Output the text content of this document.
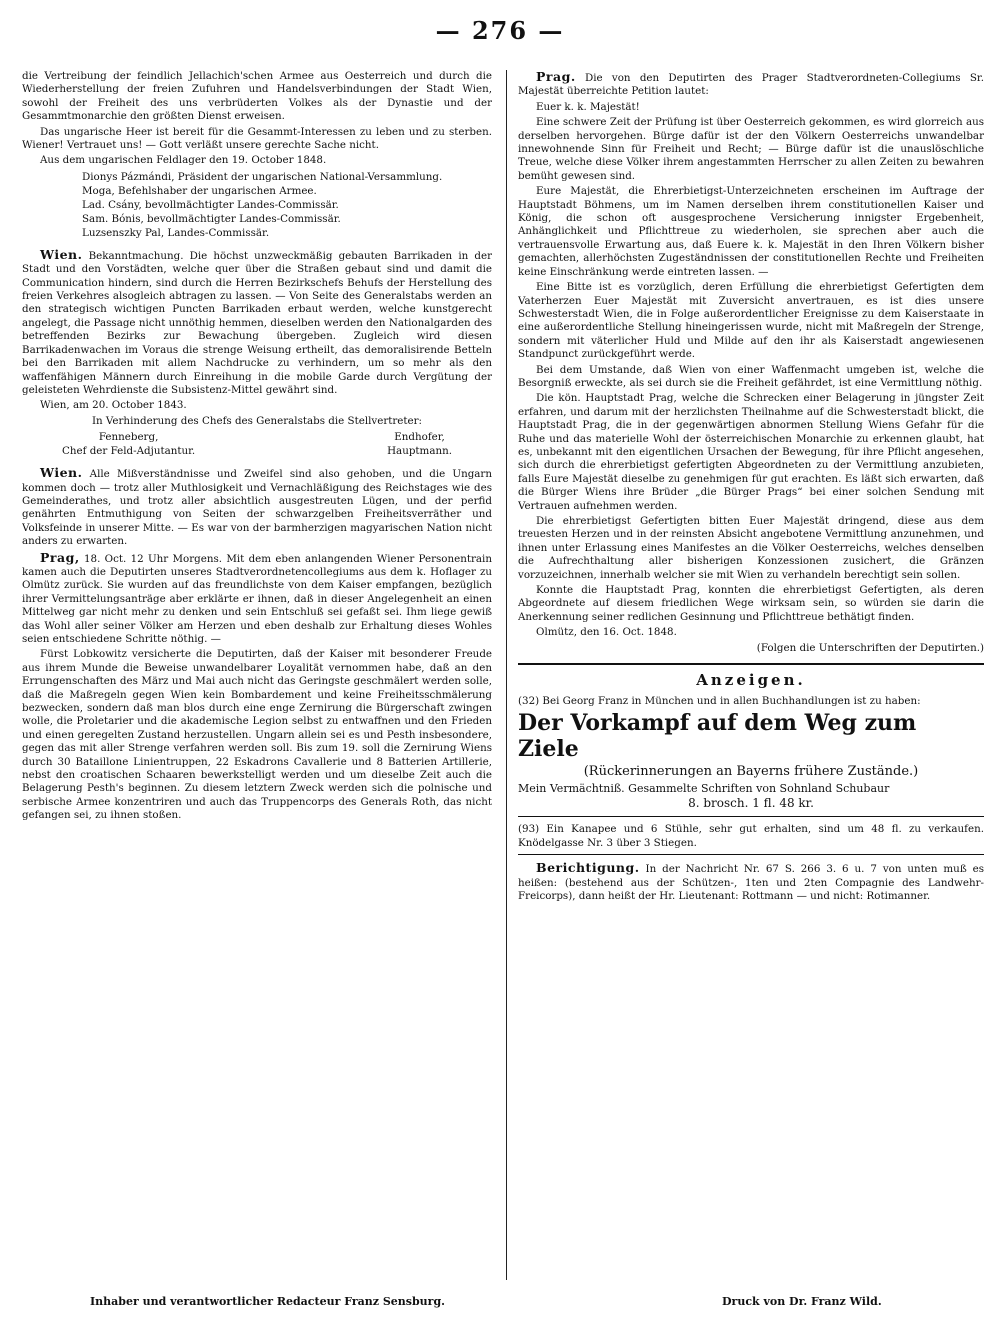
— 276 —

die Vertreibung der feindlich Jellachich'schen Armee aus Oesterreich und durch die Wiederherstellung der freien Zufuhren und Handelsverbindungen der Stadt Wien, sowohl der Freiheit des uns verbrüderten Volkes als der Dynastie und der Gesammtmonarchie den größten Dienst erweisen.

Das ungarische Heer ist bereit für die Gesammt-Interessen zu leben und zu sterben. Wiener! Vertrauet uns! — Gott verläßt unsere gerechte Sache nicht.

Aus dem ungarischen Feldlager den 19. October 1848.

Dionys Pázmándi, Präsident der ungarischen National-Versammlung.

Moga, Befehlshaber der ungarischen Armee.

Lad. Csány, bevollmächtigter Landes-Commissär.

Sam. Bónis, bevollmächtigter Landes-Commissär.

Luzsenszky Pal, Landes-Commissär.

Wien. Bekanntmachung. Die höchst unzweckmäßig gebauten Barrikaden in der Stadt und den Vorstädten, welche quer über die Straßen gebaut sind und damit die Communication hindern, sind durch die Herren Bezirkschefs Behufs der Herstellung des freien Verkehres alsogleich abtragen zu lassen. — Von Seite des Generalstabs werden an den strategisch wichtigen Puncten Barrikaden erbaut werden, welche kunstgerecht angelegt, die Passage nicht unnöthig hemmen, dieselben werden den Nationalgarden des betreffenden Bezirks zur Bewachung übergeben. Zugleich wird diesen Barrikadenwachen im Voraus die strenge Weisung ertheilt, das demoralisirende Betteln bei den Barrikaden mit allem Nachdrucke zu verhindern, um so mehr als den waffenfähigen Männern durch Einreihung in die mobile Garde durch Vergütung der geleisteten Wehrdienste die Subsistenz-Mittel gewährt sind.

Wien, am 20. October 1843.

In Verhinderung des Chefs des Generalstabs die Stellvertreter:

Fenneberg,
Chef der Feld-Adjutantur.
Endhofer,
Hauptmann.

Wien. Alle Mißverständnisse und Zweifel sind also gehoben, und die Ungarn kommen doch — trotz aller Muthlosigkeit und Vernachläßigung des Reichstages wie des Gemeinderathes, und trotz aller absichtlich ausgestreuten Lügen, und der perfid genährten Entmuthigung von Seiten der schwarzgelben Freiheitsverräther und Volksfeinde in unserer Mitte. — Es war von der barmherzigen magyarischen Nation nicht anders zu erwarten.

Prag, 18. Oct. 12 Uhr Morgens. Mit dem eben anlangenden Wiener Personentrain kamen auch die Deputirten unseres Stadtverordnetencollegiums aus dem k. Hoflager zu Olmütz zurück. Sie wurden auf das freundlichste von dem Kaiser empfangen, bezüglich ihrer Vermittelungsanträge aber erklärte er ihnen, daß in dieser Angelegenheit an einen Mittelweg gar nicht mehr zu denken und sein Entschluß sei gefaßt sei. Ihm liege gewiß das Wohl aller seiner Völker am Herzen und eben deshalb zur Erhaltung dieses Wohles seien entschiedene Schritte nöthig. —

Fürst Lobkowitz versicherte die Deputirten, daß der Kaiser mit besonderer Freude aus ihrem Munde die Beweise unwandelbarer Loyalität vernommen habe, daß an den Errungenschaften des März und Mai auch nicht das Geringste geschmälert werden solle, daß die Maßregeln gegen Wien kein Bombardement und keine Freiheitsschmälerung bezwecken, sondern daß man blos durch eine enge Zernirung die Bürgerschaft zwingen wolle, die Proletarier und die akademische Legion selbst zu entwaffnen und den Frieden und einen geregelten Zustand herzustellen. Ungarn allein sei es und Pesth insbesondere, gegen das mit aller Strenge verfahren werden soll. Bis zum 19. soll die Zernirung Wiens durch 30 Bataillone Linientruppen, 22 Eskadrons Cavallerie und 8 Batterien Artillerie, nebst den croatischen Schaaren bewerkstelligt werden und um dieselbe Zeit auch die Belagerung Pesth's beginnen. Zu diesem letztern Zweck werden sich die polnische und serbische Armee konzentriren und auch das Truppencorps des Generals Roth, das nicht gefangen sei, zu ihnen stoßen.

Prag. Die von den Deputirten des Prager Stadtverordneten-Collegiums Sr. Majestät überreichte Petition lautet:

Euer k. k. Majestät!

Eine schwere Zeit der Prüfung ist über Oesterreich gekommen, es wird glorreich aus derselben hervorgehen. Bürge dafür ist der den Völkern Oesterreichs unwandelbar innewohnende Sinn für Freiheit und Recht; — Bürge dafür ist die unauslöschliche Treue, welche diese Völker ihrem angestammten Herrscher zu allen Zeiten zu bewahren bemüht gewesen sind.

Eure Majestät, die Ehrerbietigst-Unterzeichneten erscheinen im Auftrage der Hauptstadt Böhmens, um im Namen derselben ihrem constitutionellen Kaiser und König, die schon oft ausgesprochene Versicherung innigster Ergebenheit, Anhänglichkeit und Pflichttreue zu wiederholen, sie sprechen aber auch die vertrauensvolle Erwartung aus, daß Euere k. k. Majestät in den Ihren Völkern bisher gemachten, allerhöchsten Zugeständnissen der constitutionellen Rechte und Freiheiten keine Einschränkung werde eintreten lassen. —

Eine Bitte ist es vorzüglich, deren Erfüllung die ehrerbietigst Gefertigten dem Vaterherzen Euer Majestät mit Zuversicht anvertrauen, es ist dies unsere Schwesterstadt Wien, die in Folge außerordentlicher Ereignisse zu dem Kaiserstaate in eine außerordentliche Stellung hineingerissen wurde, nicht mit Maßregeln der Strenge, sondern mit väterlicher Huld und Milde auf den ihr als Kaiserstadt angewiesenen Standpunct zurückgeführt werde.

Bei dem Umstande, daß Wien von einer Waffenmacht umgeben ist, welche die Besorgniß erweckte, als sei durch sie die Freiheit gefährdet, ist eine Vermittlung nöthig.

Die kön. Hauptstadt Prag, welche die Schrecken einer Belagerung in jüngster Zeit erfahren, und darum mit der herzlichsten Theilnahme auf die Schwesterstadt blickt, die Hauptstadt Prag, die in der gegenwärtigen abnormen Stellung Wiens Gefahr für die Ruhe und das materielle Wohl der österreichischen Monarchie zu erkennen glaubt, hat es, unbekannt mit den eigentlichen Ursachen der Bewegung, für ihre Pflicht angesehen, sich durch die ehrerbietigst gefertigten Abgeordneten zu der Vermittlung anzubieten, falls Eure Majestät dieselbe zu genehmigen für gut erachten. Es läßt sich erwarten, daß die Bürger Wiens ihre Brüder „die Bürger Prags“ bei einer solchen Sendung mit Vertrauen aufnehmen werden.

Die ehrerbietigst Gefertigten bitten Euer Majestät dringend, diese aus dem treuesten Herzen und in der reinsten Absicht angebotene Vermittlung anzunehmen, und ihnen unter Erlassung eines Manifestes an die Völker Oesterreichs, welches denselben die Aufrechthaltung aller bisherigen Konzessionen zusichert, die Gränzen vorzuzeichnen, innerhalb welcher sie mit Wien zu verhandeln berechtigt sein sollen.

Konnte die Hauptstadt Prag, konnten die ehrerbietigst Gefertigten, als deren Abgeordnete auf diesem friedlichen Wege wirksam sein, so würden sie darin die Anerkennung seiner redlichen Gesinnung und Pflichttreue bethätigt finden.

Olmütz, den 16. Oct. 1848.

(Folgen die Unterschriften der Deputirten.)

Anzeigen.

(32) Bei Georg Franz in München und in allen Buchhandlungen ist zu haben:

Der Vorkampf auf dem Weg zum Ziele
(Rückerinnerungen an Bayerns frühere Zustände.)
Mein Vermächtniß. Gesammelte Schriften von Sohnland Schubaur
8. brosch. 1 fl. 48 kr.

(93) Ein Kanapee und 6 Stühle, sehr gut erhalten, sind um 48 fl. zu verkaufen. Knödelgasse Nr. 3 über 3 Stiegen.

Berichtigung. In der Nachricht Nr. 67 S. 266 3. 6 u. 7 von unten muß es heißen: (bestehend aus der Schützen-, 1ten und 2ten Compagnie des Landwehr-Freicorps), dann heißt der Hr. Lieutenant: Rottmann — und nicht: Rotimanner.

Inhaber und verantwortlicher Redacteur Franz Sensburg.	Druck von Dr. Franz Wild.
